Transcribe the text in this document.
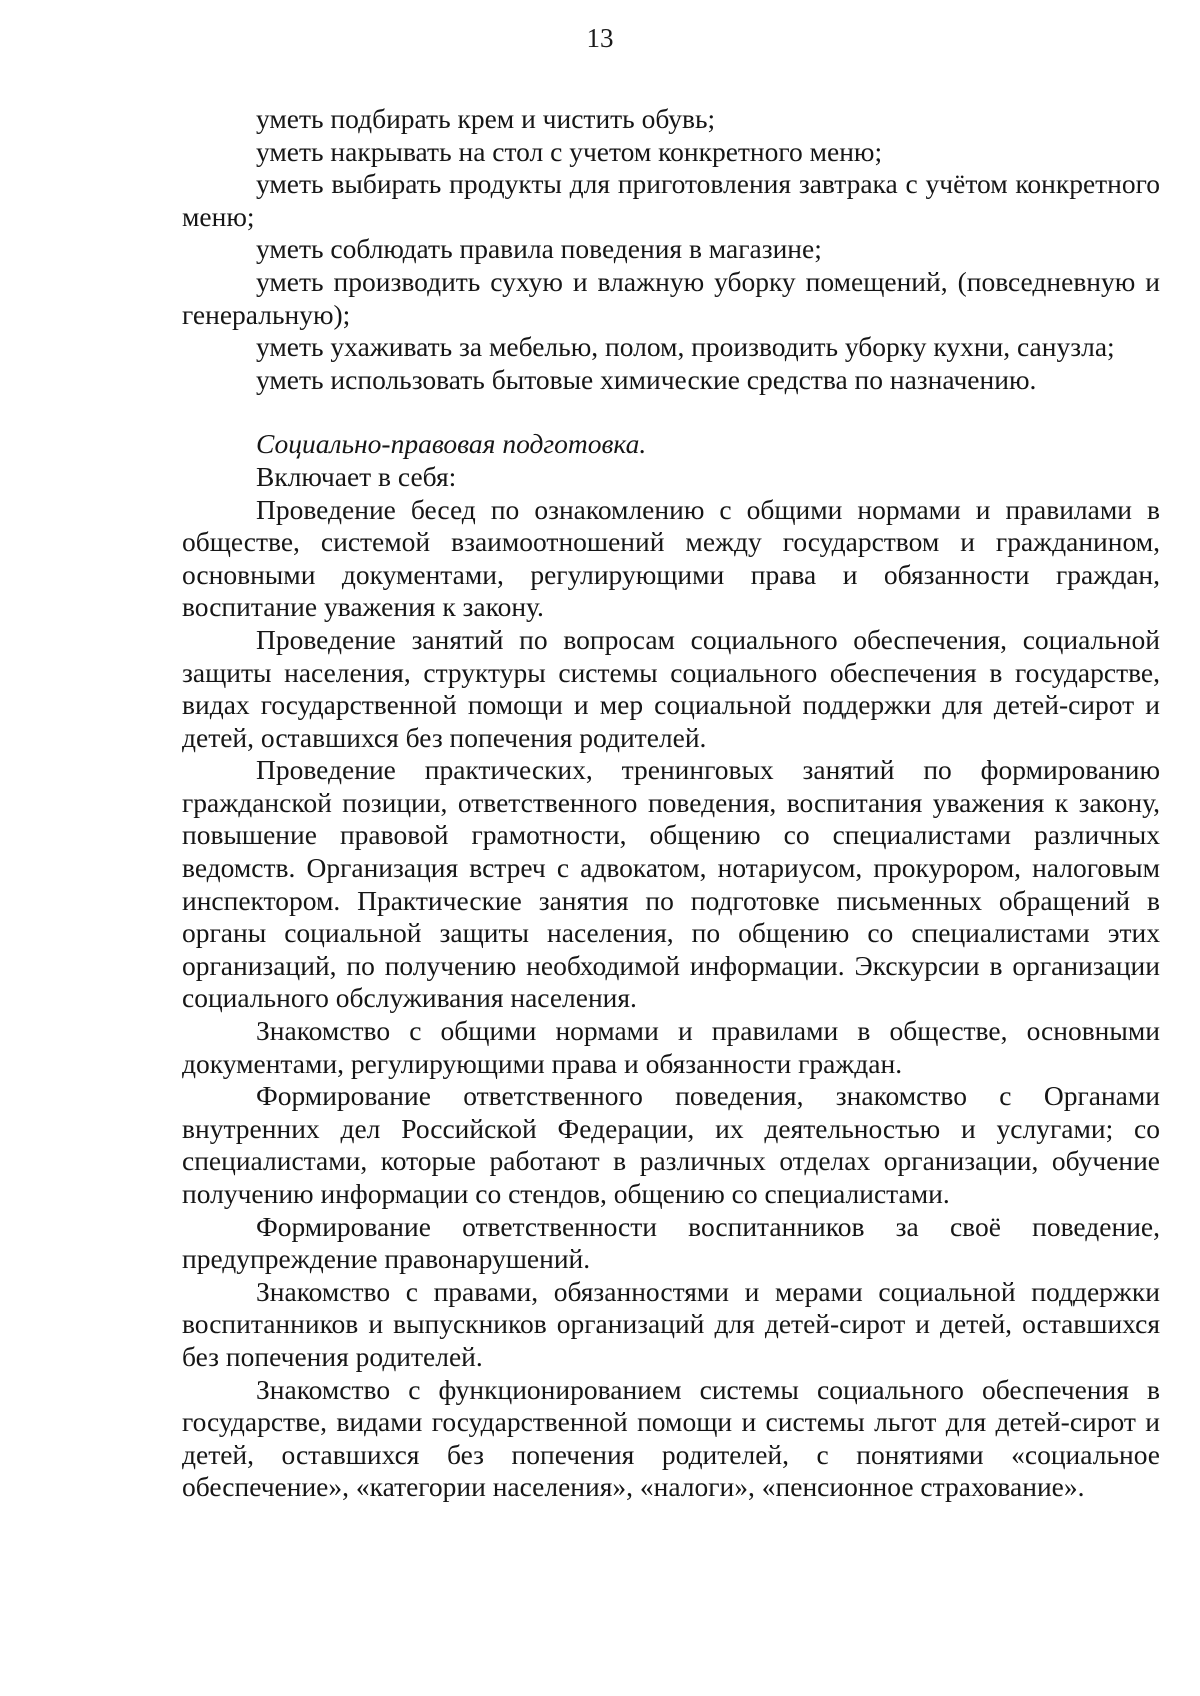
13

уметь подбирать крем и чистить обувь;

уметь накрывать на стол с учетом конкретного меню;

уметь выбирать продукты для приготовления завтрака с учётом конкретного меню;

уметь соблюдать правила поведения в магазине;

уметь производить сухую и влажную уборку помещений, (повседневную и генеральную);

уметь ухаживать за мебелью, полом, производить уборку кухни, санузла;

уметь использовать бытовые химические средства по назначению.

Социально-правовая подготовка.

Включает в себя:

Проведение бесед по ознакомлению с общими нормами и правилами в обществе, системой взаимоотношений между государством и гражданином, основными документами, регулирующими права и обязанности граждан, воспитание уважения к закону.

Проведение занятий по вопросам социального обеспечения, социальной защиты населения, структуры системы социального обеспечения в государстве, видах государственной помощи и мер социальной поддержки для детей-сирот и детей, оставшихся без попечения родителей.

Проведение практических, тренинговых занятий по формированию гражданской позиции, ответственного поведения, воспитания уважения к закону, повышение правовой грамотности, общению со специалистами различных ведомств. Организация встреч с адвокатом, нотариусом, прокурором, налоговым инспектором. Практические занятия по подготовке письменных обращений в органы социальной защиты населения, по общению со специалистами этих организаций, по получению необходимой информации. Экскурсии в организации социального обслуживания населения.

Знакомство с общими нормами и правилами в обществе, основными документами, регулирующими права и обязанности граждан.

Формирование ответственного поведения, знакомство с Органами внутренних дел Российской Федерации, их деятельностью и услугами; со специалистами, которые работают в различных отделах организации, обучение получению информации со стендов, общению со специалистами.

Формирование ответственности воспитанников за своё поведение, предупреждение правонарушений.

Знакомство с правами, обязанностями и мерами социальной поддержки воспитанников и выпускников организаций для детей-сирот и детей, оставшихся без попечения родителей.

Знакомство с функционированием системы социального обеспечения в государстве, видами государственной помощи и системы льгот для детей-сирот и детей, оставшихся без попечения родителей, с понятиями «социальное обеспечение», «категории населения», «налоги», «пенсионное страхование».
